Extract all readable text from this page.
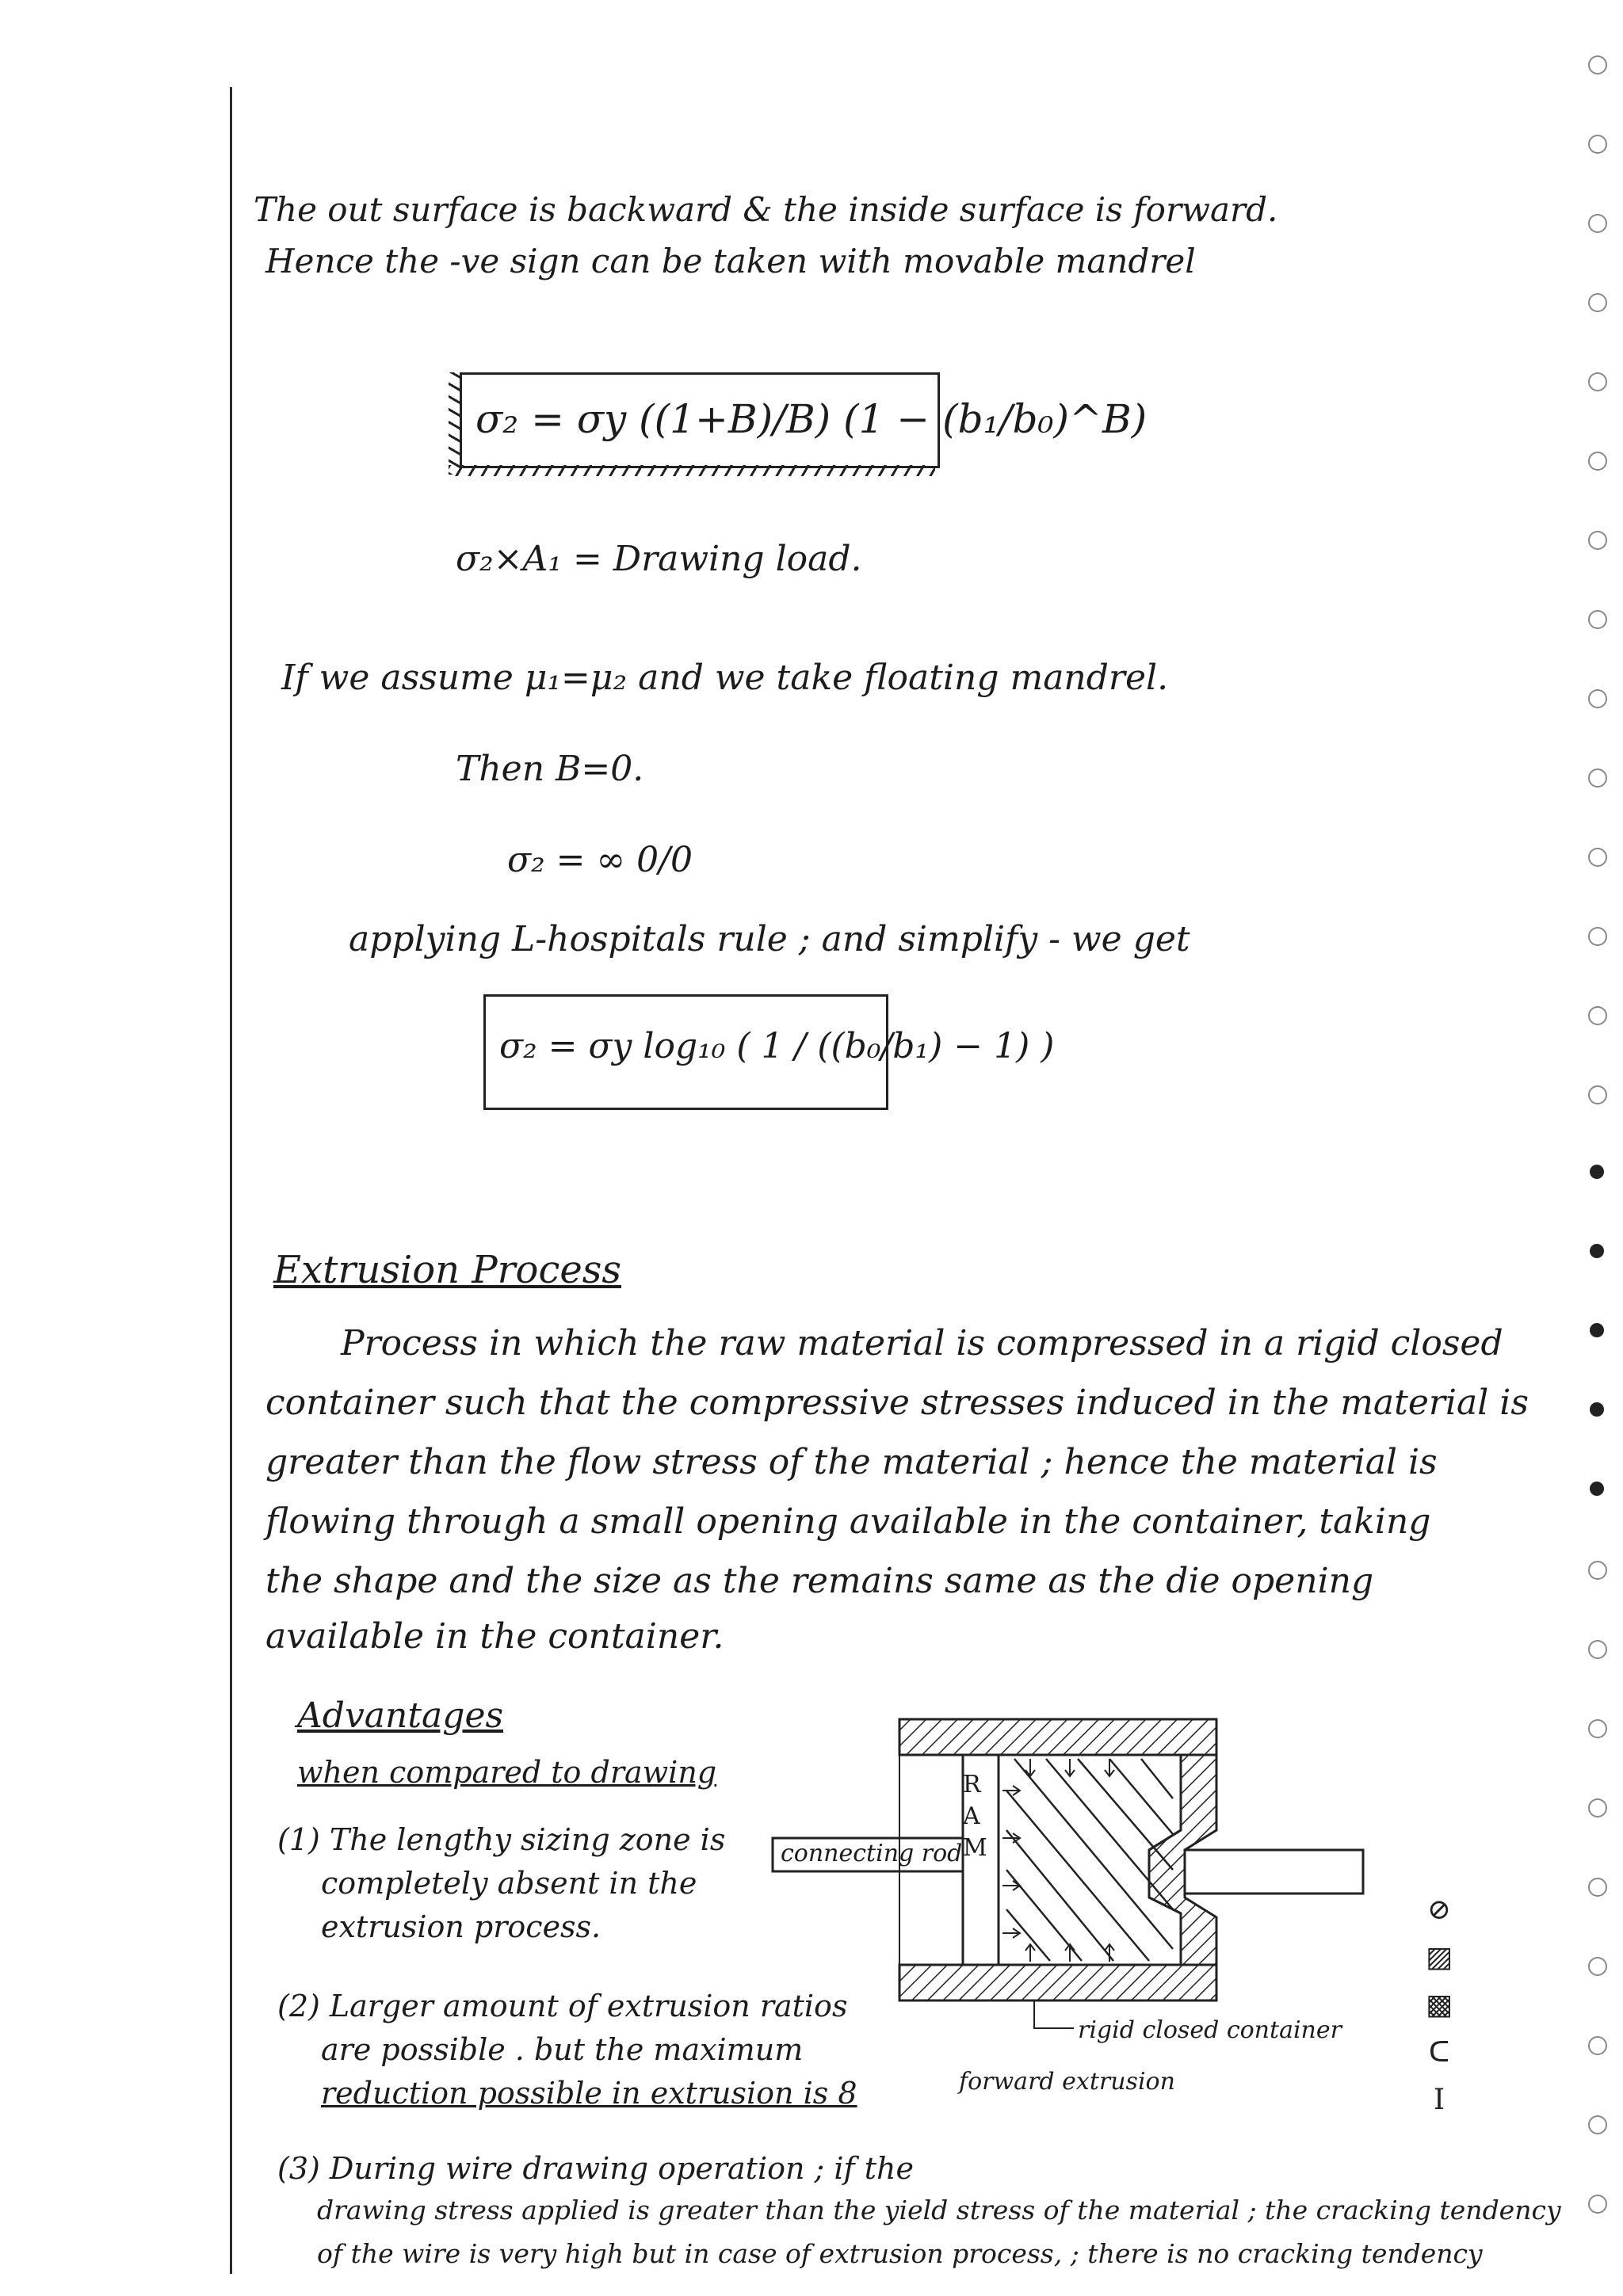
The out surface is backward & the inside surface is forward.
Hence the -ve sign can be taken with movable mandrel
σ₂ = σy ((1+B)/B) (1 − (b₁/b₀)^B)
σ₂×A₁ = Drawing load.
If we assume μ₁=μ₂ and we take floating mandrel.
Then B=0.
σ₂ = ∞ 0/0
applying L-hospitals rule ; and simplify - we get
σ₂ = σy log₁₀ ( 1 / ((b₀/b₁) − 1) )
Extrusion Process
Process in which the raw material is compressed in a rigid closed
container such that the compressive stresses induced in the material is
greater than the flow stress of the material ; hence the material is
flowing through a small opening available in the container, taking
the shape and the size as the remains same as the die opening
available in the container.
Advantages
when compared to drawing
(1) The lengthy sizing zone is
completely absent in the
extrusion process.
(2) Larger amount of extrusion ratios
are possible . but the maximum
reduction possible in extrusion is 8
(3) During wire drawing operation ; if the
drawing stress applied is greater than the yield stress of the material ; the cracking tendency
of the wire is very high but in case of extrusion process, ; there is no cracking tendency
R
A
M
connecting rod
rigid closed container
forward extrusion
⊘
▨
▩
ᑕ
I
